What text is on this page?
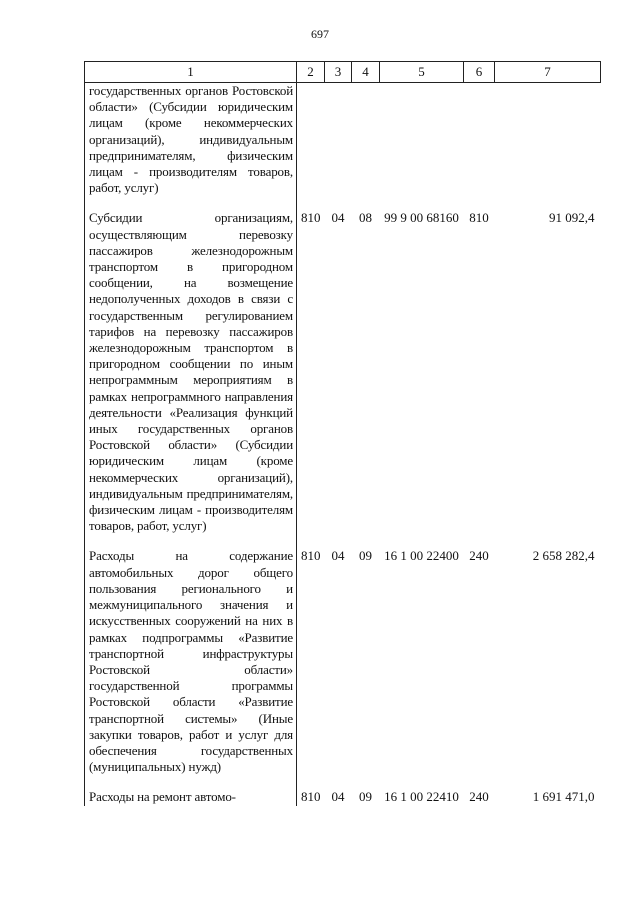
697
1	2	3	4	5	6	7
государственных органов Ростовской области» (Субсидии юридическим лицам (кроме некоммерческих организаций), индивидуальным предпринимателям, физическим лицам - производителям товаров, работ, услуг)						

Субсидии организациям, осуществляющим перевозку пассажиров железнодорожным транспортом в пригородном сообщении, на возмещение недополученных доходов в связи с государственным регулированием тарифов на перевозку пассажиров железнодорожным транспортом в пригородном сообщении по иным непрограммным мероприятиям в рамках непрограммного направления деятельности «Реализация функций иных государственных органов Ростовской области» (Субсидии юридическим лицам (кроме некоммерческих организаций), индивидуальным предпринимателям, физическим лицам - производителям товаров, работ, услуг)	810	04	08	99 9 00 68160	810	91 092,4

Расходы на содержание автомобильных дорог общего пользования регионального и межмуниципального значения и искусственных сооружений на них в рамках подпрограммы «Развитие транспортной инфраструктуры Ростовской области» государственной программы Ростовской области «Развитие транспортной системы» (Иные закупки товаров, работ и услуг для обеспечения государственных (муниципальных) нужд)	810	04	09	16 1 00 22400	240	2 658 282,4

Расходы на ремонт автомо-	810	04	09	16 1 00 22410	240	1 691 471,0
